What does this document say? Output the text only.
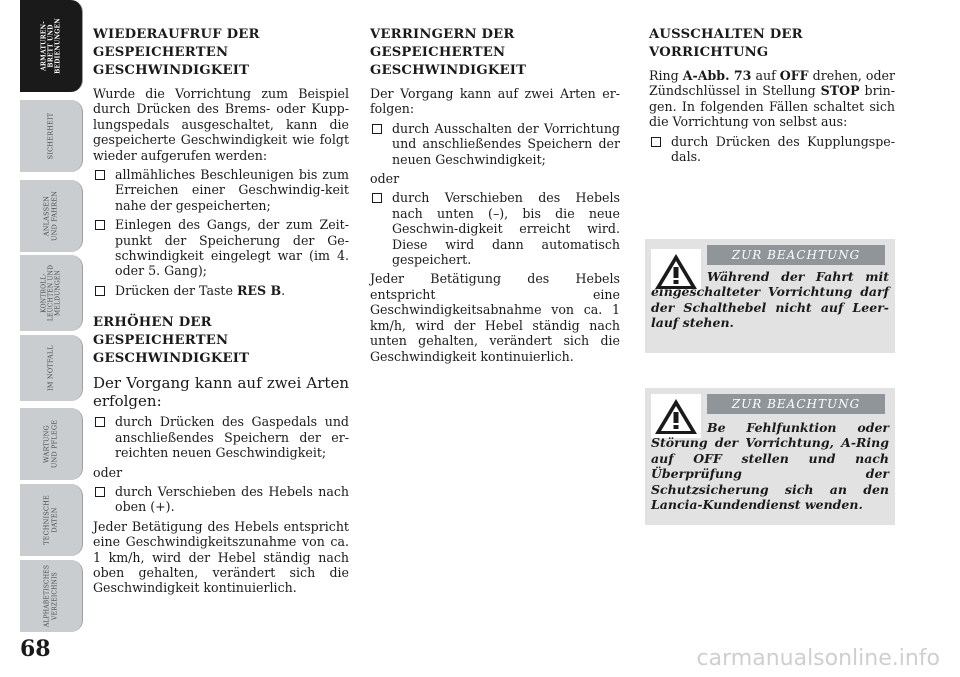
ARMATUREN-
BRETT UND
BEDIENUNGEN
SICHERHEIT
ANLASSEN
UND FAHREN
KONTROLL-
LEUCHTEN UND
MELDUNGEN
IM NOTFALL
WARTUNG
UND PFLEGE
TECHNISCHE
DATEN
ALPHABETISCHES
VERZEICHNIS
68
WIEDERAUFRUF DER GESPEICHERTEN GESCHWINDIGKEIT

Wurde die Vorrichtung zum Beispiel durch Drücken des Brems- oder Kupp-lungspedals ausgeschaltet, kann die gespeicherte Geschwindigkeit wie folgt wieder aufgerufen werden:

allmähliches Beschleunigen bis zum Erreichen einer Geschwindig-keit nahe der gespeicherten;
Einlegen des Gangs, der zum Zeit-punkt der Speicherung der Ge-schwindigkeit eingelegt war (im 4. oder 5. Gang);
Drücken der Taste RES B.
ERHÖHEN DER GESPEICHERTEN GESCHWINDIGKEIT

Der Vorgang kann auf zwei Arten erfolgen:

durch Drücken des Gaspedals und anschließendes Speichern der er-reichten neuen Geschwindigkeit;

oder

durch Verschieben des Hebels nach oben (+).

Jeder Betätigung des Hebels entspricht eine Geschwindigkeitszunahme von ca. 1 km/h, wird der Hebel ständig nach oben gehalten, verändert sich die Geschwindigkeit kontinuierlich.

VERRINGERN DER GESPEICHERTEN GESCHWINDIGKEIT

Der Vorgang kann auf zwei Arten er-folgen:

durch Ausschalten der Vorrichtung und anschließendes Speichern der neuen Geschwindigkeit;

oder

durch Verschieben des Hebels nach unten (–), bis die neue Geschwin-digkeit erreicht wird. Diese wird dann automatisch gespeichert.

Jeder Betätigung des Hebels entspricht eine Geschwindigkeitsabnahme von ca. 1 km/h, wird der Hebel ständig nach unten gehalten, verändert sich die Geschwindigkeit kontinuierlich.

AUSSCHALTEN DER VORRICHTUNG

Ring A-Abb. 73 auf OFF drehen, oder Zündschlüssel in Stellung STOP brin-gen. In folgenden Fällen schaltet sich die Vorrichtung von selbst aus:

durch Drücken des Kupplungspe-dals.
ZUR BEACHTUNG
Während der Fahrt mit eingeschalteter Vorrichtung darf der Schalthebel nicht auf Leer-lauf stehen.
ZUR BEACHTUNG
Be Fehlfunktion oder Störung der Vorrichtung, A-Ring auf OFF stellen und nach Überprüfung der Schutzsicherung sich an den Lancia-Kundendienst wenden.
carmanualsonline.info
